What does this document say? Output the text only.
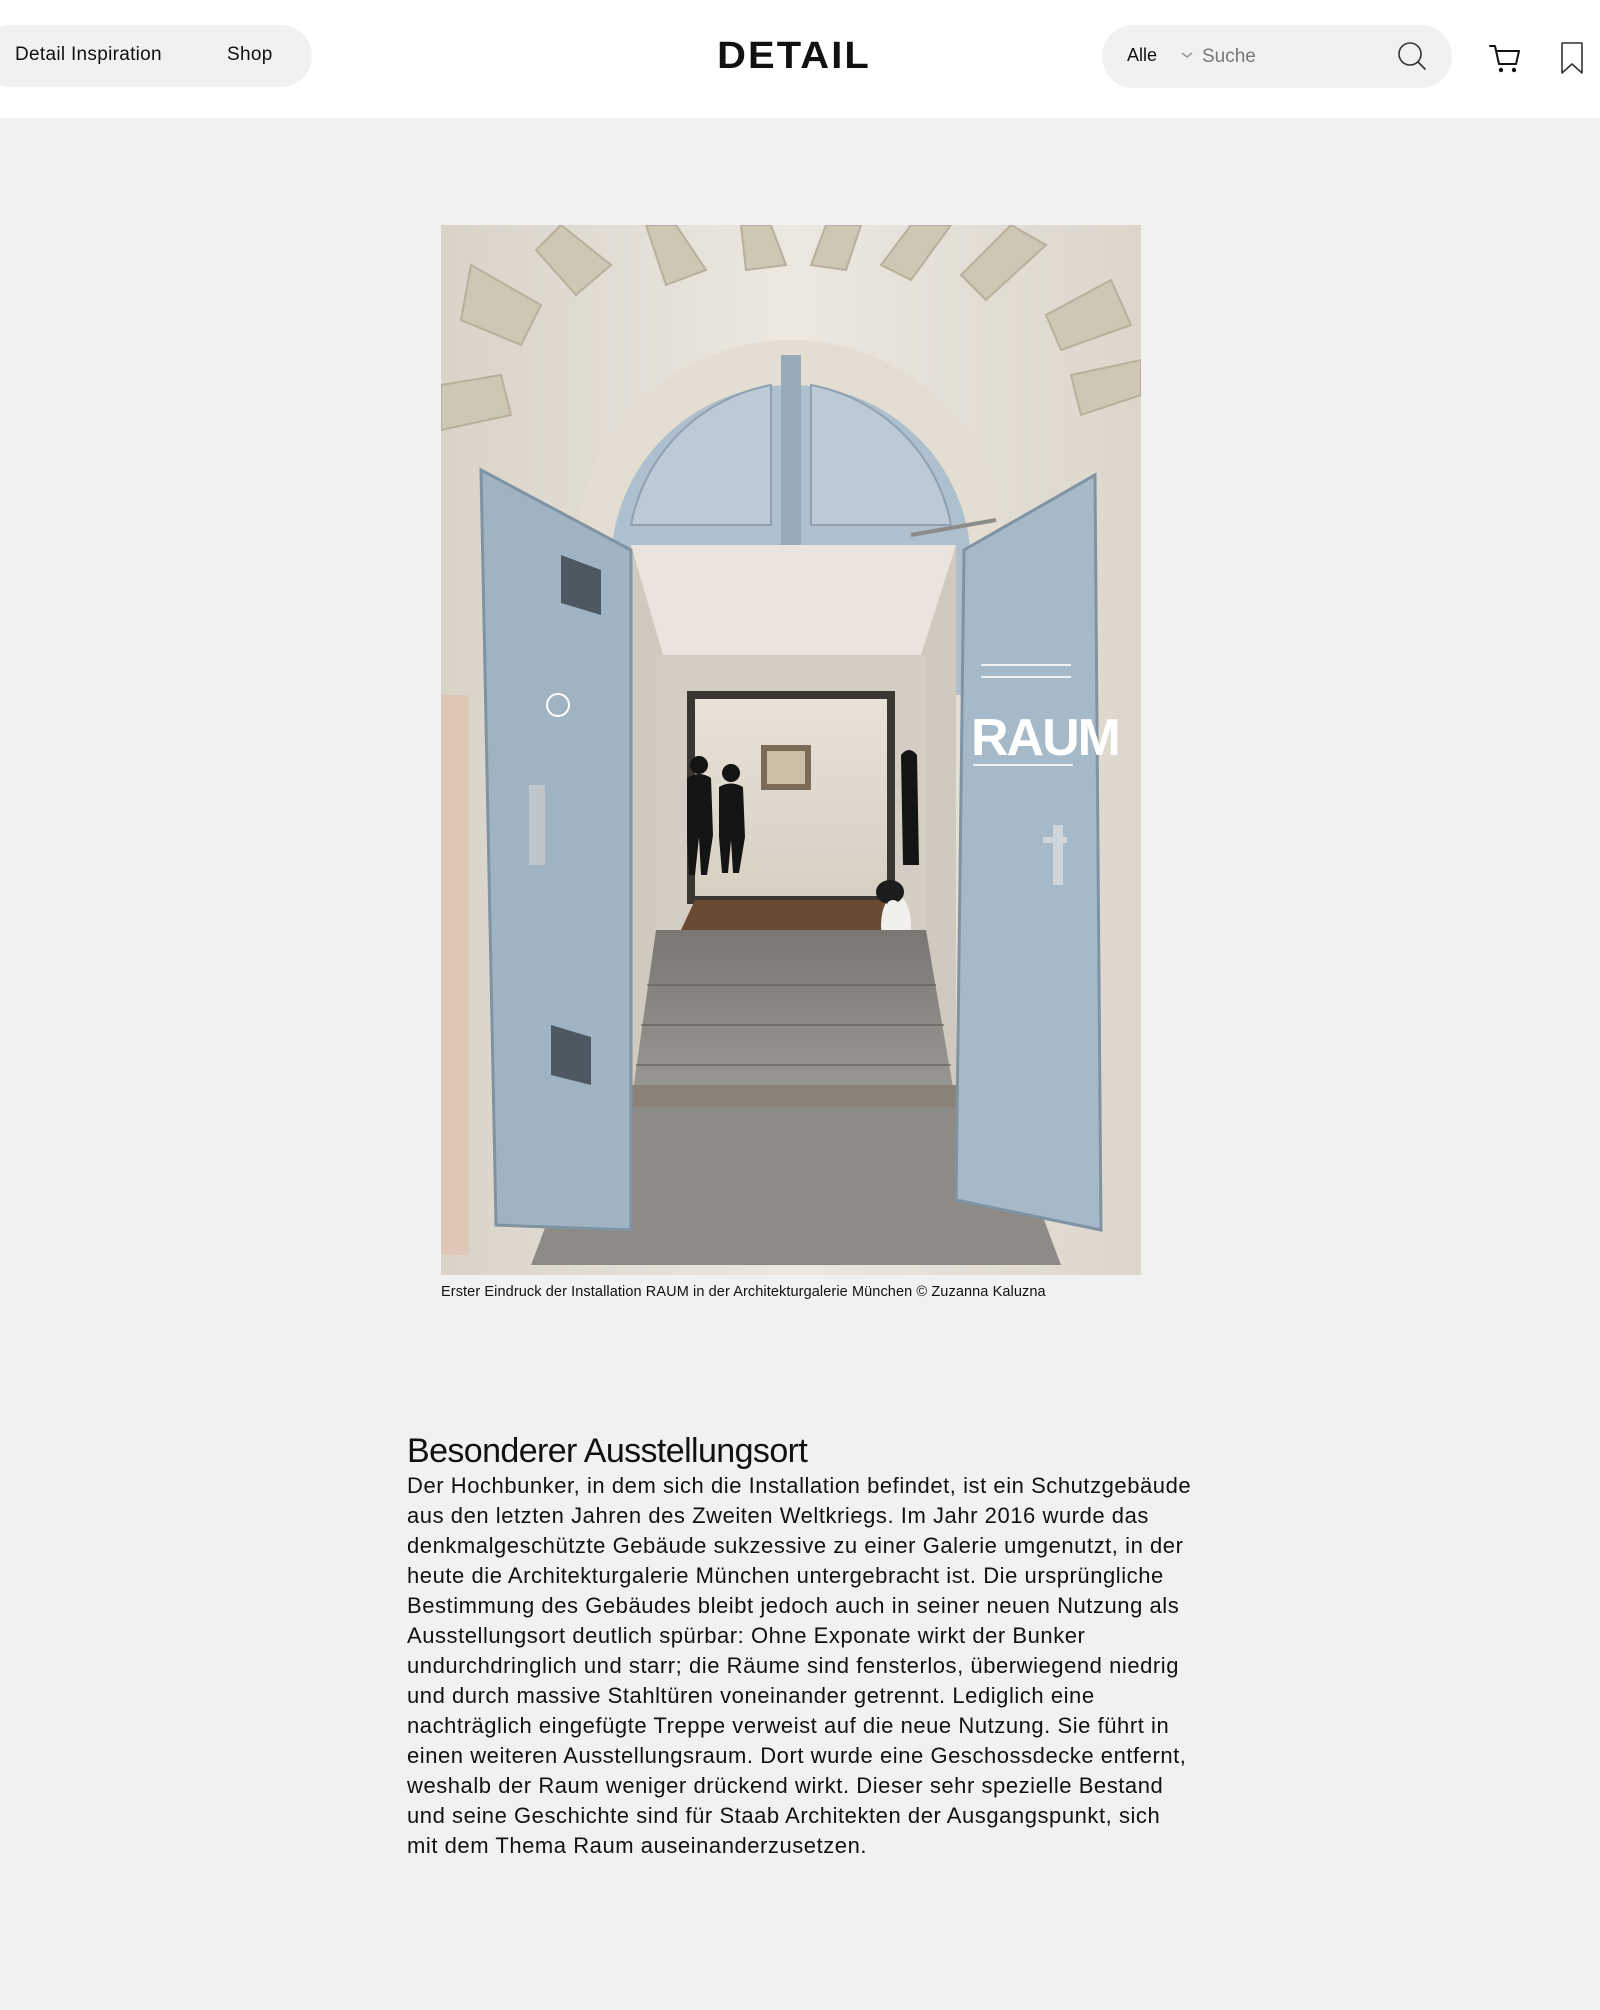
Detail Inspiration	Shop	DETAIL	Alle
Suche
RAUM

Erster Eindruck der Installation RAUM in der Architekturgalerie München © Zuzanna Kaluzna

Besonderer Ausstellungsort

Der Hochbunker, in dem sich die Installation befindet, ist ein Schutzgebäude aus den letzten Jahren des Zweiten Weltkriegs. Im Jahr 2016 wurde das denkmalgeschützte Gebäude sukzessive zu einer Galerie umgenutzt, in der heute die Architekturgalerie München untergebracht ist. Die ursprüngliche Bestimmung des Gebäudes bleibt jedoch auch in seiner neuen Nutzung als Ausstellungsort deutlich spürbar: Ohne Exponate wirkt der Bunker undurchdringlich und starr; die Räume sind fensterlos, überwiegend niedrig und durch massive Stahltüren voneinander getrennt. Lediglich eine nachträglich eingefügte Treppe verweist auf die neue Nutzung. Sie führt in einen weiteren Ausstellungsraum. Dort wurde eine Geschossdecke entfernt, weshalb der Raum weniger drückend wirkt. Dieser sehr spezielle Bestand und seine Geschichte sind für Staab Architekten der Ausgangspunkt, sich mit dem Thema Raum auseinanderzusetzen.
